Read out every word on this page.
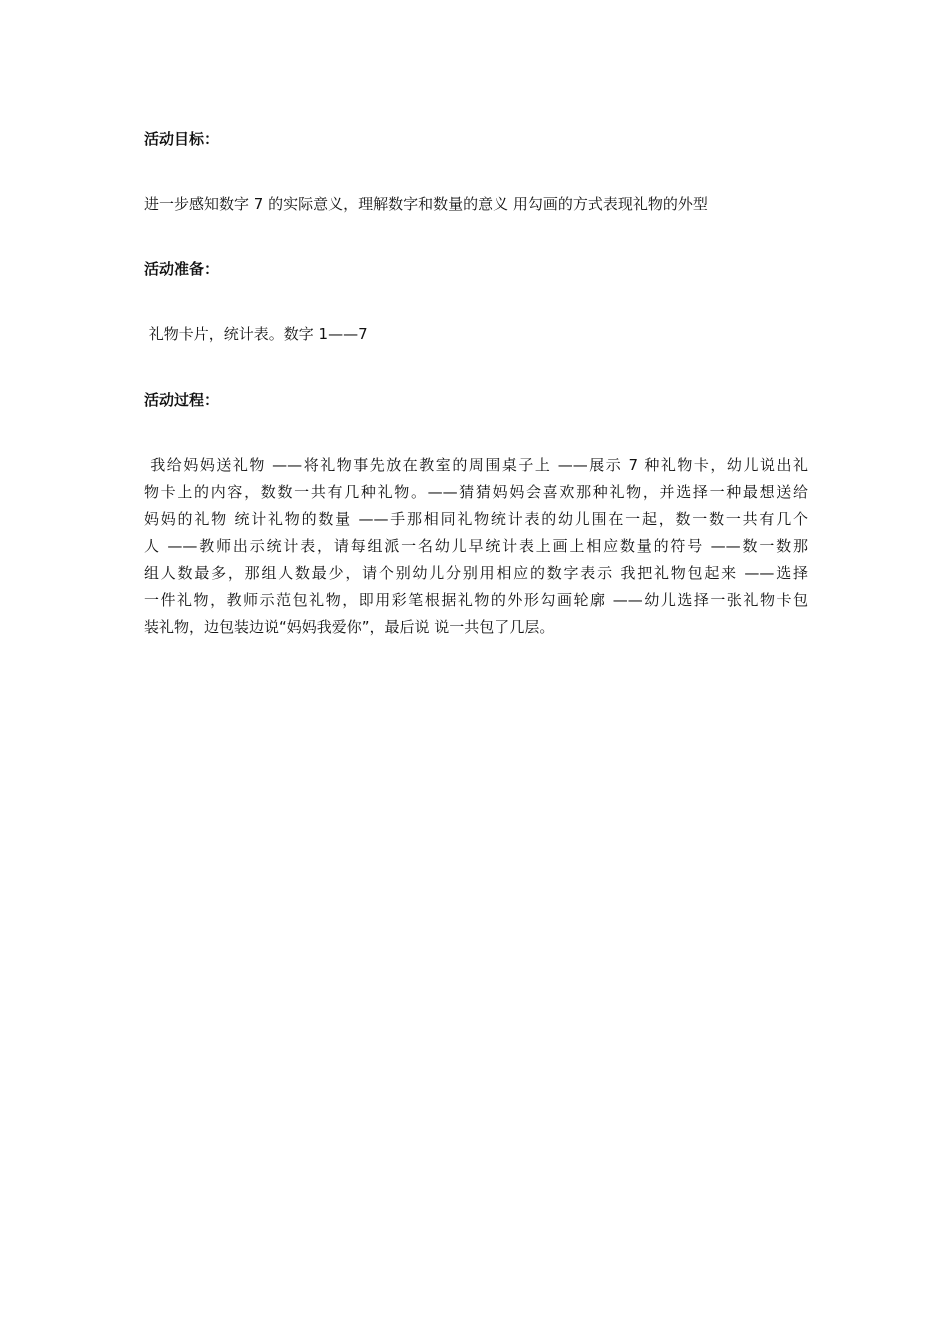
活动目标：
进一步感知数字 7 的实际意义，理解数字和数量的意义 用勾画的方式表现礼物的外型
活动准备：
礼物卡片，统计表。数字 1——7
活动过程：
我给妈妈送礼物 ——将礼物事先放在教室的周围桌子上 ——展示 7 种礼物卡，幼儿说出礼
物卡上的内容，数数一共有几种礼物。——猜猜妈妈会喜欢那种礼物，并选择一种最想送给
妈妈的礼物 统计礼物的数量 ——手那相同礼物统计表的幼儿围在一起，数一数一共有几个
人 ——教师出示统计表，请每组派一名幼儿早统计表上画上相应数量的符号 ——数一数那
组人数最多，那组人数最少，请个别幼儿分别用相应的数字表示 我把礼物包起来 ——选择
一件礼物，教师示范包礼物，即用彩笔根据礼物的外形勾画轮廓 ——幼儿选择一张礼物卡包
装礼物，边包装边说“妈妈我爱你”，最后说 说一共包了几层。
